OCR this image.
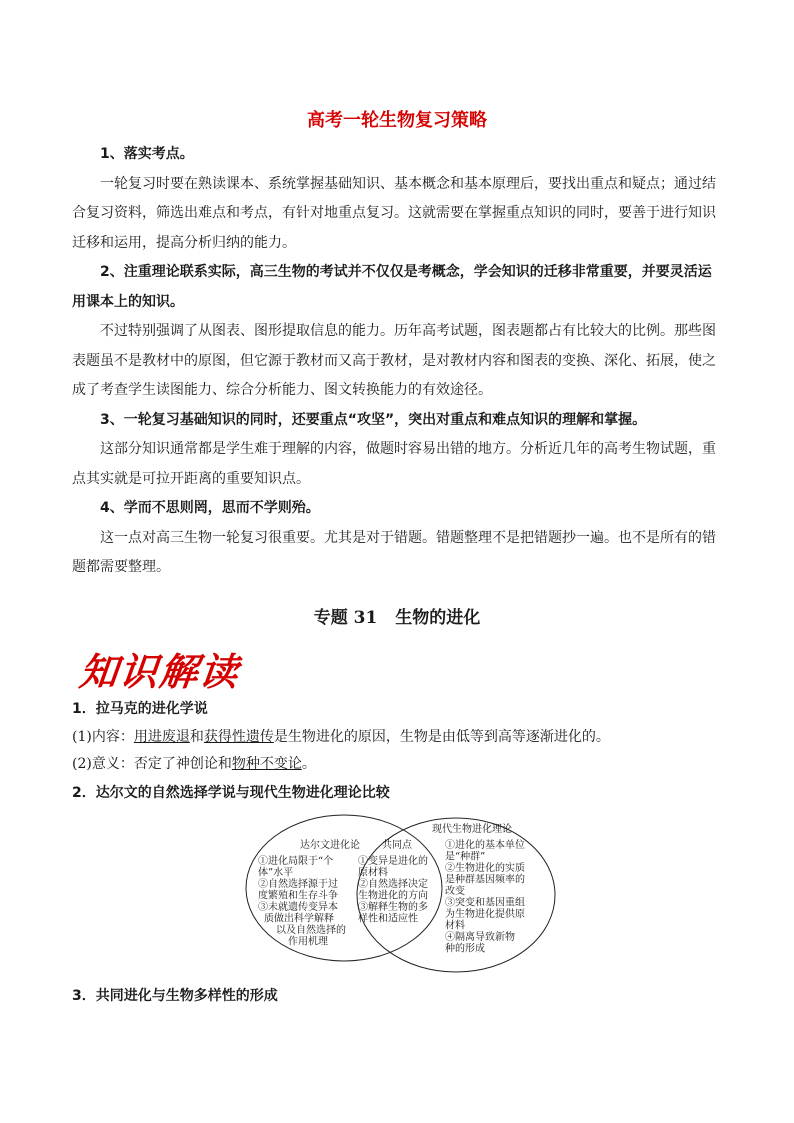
高考一轮生物复习策略

1、落实考点。

一轮复习时要在熟读课本、系统掌握基础知识、基本概念和基本原理后，要找出重点和疑点；通过结合复习资料，筛选出难点和考点，有针对地重点复习。这就需要在掌握重点知识的同时，要善于进行知识迁移和运用，提高分析归纳的能力。

2、注重理论联系实际，高三生物的考试并不仅仅是考概念，学会知识的迁移非常重要，并要灵活运用课本上的知识。

不过特别强调了从图表、图形提取信息的能力。历年高考试题，图表题都占有比较大的比例。那些图表题虽不是教材中的原图，但它源于教材而又高于教材，是对教材内容和图表的变换、深化、拓展，使之成了考查学生读图能力、综合分析能力、图文转换能力的有效途径。

3、一轮复习基础知识的同时，还要重点“攻坚”，突出对重点和难点知识的理解和掌握。

这部分知识通常都是学生难于理解的内容，做题时容易出错的地方。分析近几年的高考生物试题，重点其实就是可拉开距离的重要知识点。

4、学而不思则罔，思而不学则殆。

这一点对高三生物一轮复习很重要。尤其是对于错题。错题整理不是把错题抄一遍。也不是所有的错题都需要整理。

专题 31 生物的进化
知识解读
1．拉马克的进化学说
(1)内容：用进废退和获得性遗传是生物进化的原因，生物是由低等到高等逐渐进化的。
(2)意义：否定了神创论和物种不变论。
2．达尔文的自然选择学说与现代生物进化理论比较
达尔文进化论
①进化局限于“个
体”水平
②自然选择源于过
度繁殖和生存斗争
③未就遗传变异本
质做出科学解释
以及自然选择的
作用机理
共同点
①变异是进化的
原材料
②自然选择决定
生物进化的方向
③解释生物的多
样性和适应性
现代生物进化理论
①进化的基本单位
是“种群”
②生物进化的实质
是种群基因频率的
改变
③突变和基因重组
为生物进化提供原
材料
④隔离导致新物
种的形成
3．共同进化与生物多样性的形成
